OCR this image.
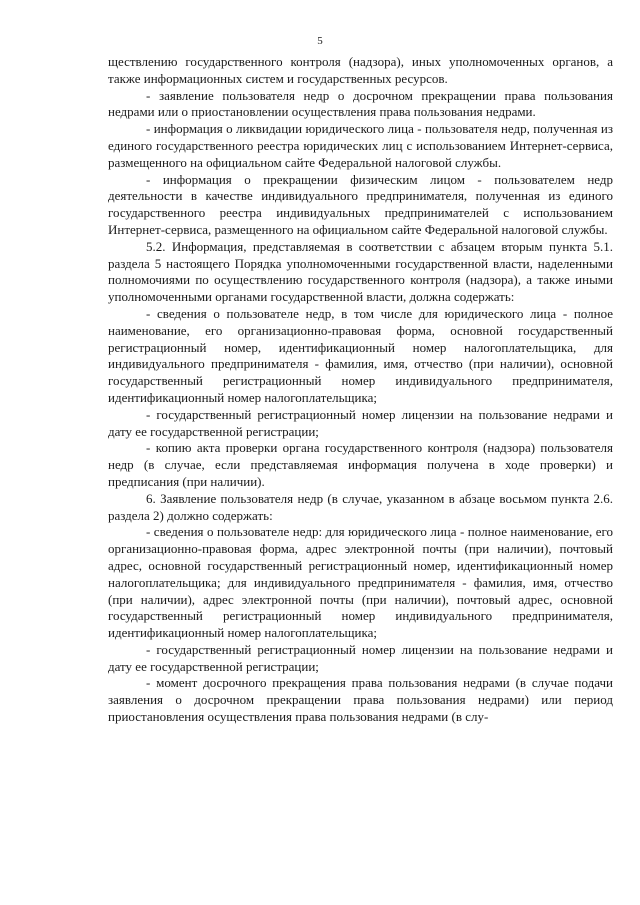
5

ществлению государственного контроля (надзора), иных уполномоченных органов, а также информационных систем и государственных ресурсов.

- заявление пользователя недр о досрочном прекращении права пользования недрами или о приостановлении осуществления права пользования недрами.

- информация о ликвидации юридического лица - пользователя недр, полученная из единого государственного реестра юридических лиц с использованием Интернет-сервиса, размещенного на официальном сайте Федеральной налоговой службы.

- информация о прекращении физическим лицом - пользователем недр деятельности в качестве индивидуального предпринимателя, полученная из единого государственного реестра индивидуальных предпринимателей с использованием Интернет-сервиса, размещенного на официальном сайте Федеральной налоговой службы.

5.2. Информация, представляемая в соответствии с абзацем вторым пункта 5.1. раздела 5 настоящего Порядка уполномоченными государственной власти, наделенными полномочиями по осуществлению государственного контроля (надзора), а также иными уполномоченными органами государственной власти, должна содержать:

- сведения о пользователе недр, в том числе для юридического лица - полное наименование, его организационно-правовая форма, основной государственный регистрационный номер, идентификационный номер налогоплательщика, для индивидуального предпринимателя - фамилия, имя, отчество (при наличии), основной государственный регистрационный номер индивидуального предпринимателя, идентификационный номер налогоплательщика;

- государственный регистрационный номер лицензии на пользование недрами и дату ее государственной регистрации;

- копию акта проверки органа государственного контроля (надзора) пользователя недр (в случае, если представляемая информация получена в ходе проверки) и предписания (при наличии).

6. Заявление пользователя недр (в случае, указанном в абзаце восьмом пункта 2.6. раздела 2) должно содержать:

- сведения о пользователе недр: для юридического лица - полное наименование, его организационно-правовая форма, адрес электронной почты (при наличии), почтовый адрес, основной государственный регистрационный номер, идентификационный номер налогоплательщика; для индивидуального предпринимателя - фамилия, имя, отчество (при наличии), адрес электронной почты (при наличии), почтовый адрес, основной государственный регистрационный номер индивидуального предпринимателя, идентификационный номер налогоплательщика;

- государственный регистрационный номер лицензии на пользование недрами и дату ее государственной регистрации;

- момент досрочного прекращения права пользования недрами (в случае подачи заявления о досрочном прекращении права пользования недрами) или период приостановления осуществления права пользования недрами (в слу-
